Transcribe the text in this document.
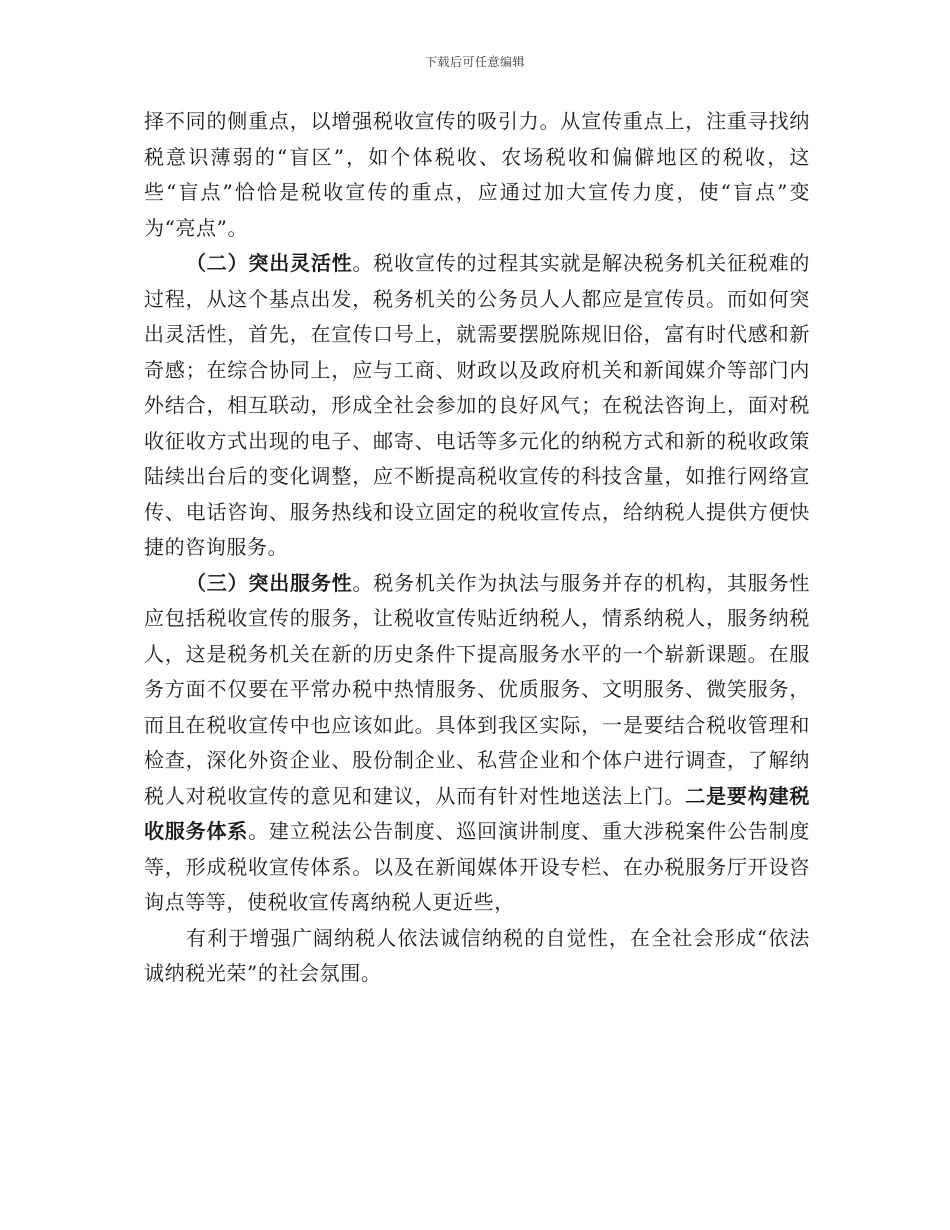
下载后可任意编辑

择不同的侧重点，以增强税收宣传的吸引力。从宣传重点上，注重寻找纳税意识薄弱的“盲区”，如个体税收、农场税收和偏僻地区的税收，这些“盲点”恰恰是税收宣传的重点，应通过加大宣传力度，使“盲点”变为“亮点”。

（二）突出灵活性。税收宣传的过程其实就是解决税务机关征税难的过程，从这个基点出发，税务机关的公务员人人都应是宣传员。而如何突出灵活性，首先，在宣传口号上，就需要摆脱陈规旧俗，富有时代感和新奇感；在综合协同上，应与工商、财政以及政府机关和新闻媒介等部门内外结合，相互联动，形成全社会参加的良好风气；在税法咨询上，面对税收征收方式出现的电子、邮寄、电话等多元化的纳税方式和新的税收政策陆续出台后的变化调整，应不断提高税收宣传的科技含量，如推行网络宣传、电话咨询、服务热线和设立固定的税收宣传点，给纳税人提供方便快捷的咨询服务。

（三）突出服务性。税务机关作为执法与服务并存的机构，其服务性应包括税收宣传的服务，让税收宣传贴近纳税人，情系纳税人，服务纳税人，这是税务机关在新的历史条件下提高服务水平的一个崭新课题。在服务方面不仅要在平常办税中热情服务、优质服务、文明服务、微笑服务，而且在税收宣传中也应该如此。具体到我区实际，一是要结合税收管理和检查，深化外资企业、股份制企业、私营企业和个体户进行调查，了解纳税人对税收宣传的意见和建议，从而有针对性地送法上门。二是要构建税收服务体系。建立税法公告制度、巡回演讲制度、重大涉税案件公告制度等，形成税收宣传体系。以及在新闻媒体开设专栏、在办税服务厅开设咨询点等等，使税收宣传离纳税人更近些，

有利于增强广阔纳税人依法诚信纳税的自觉性，在全社会形成“依法诚纳税光荣”的社会氛围。
